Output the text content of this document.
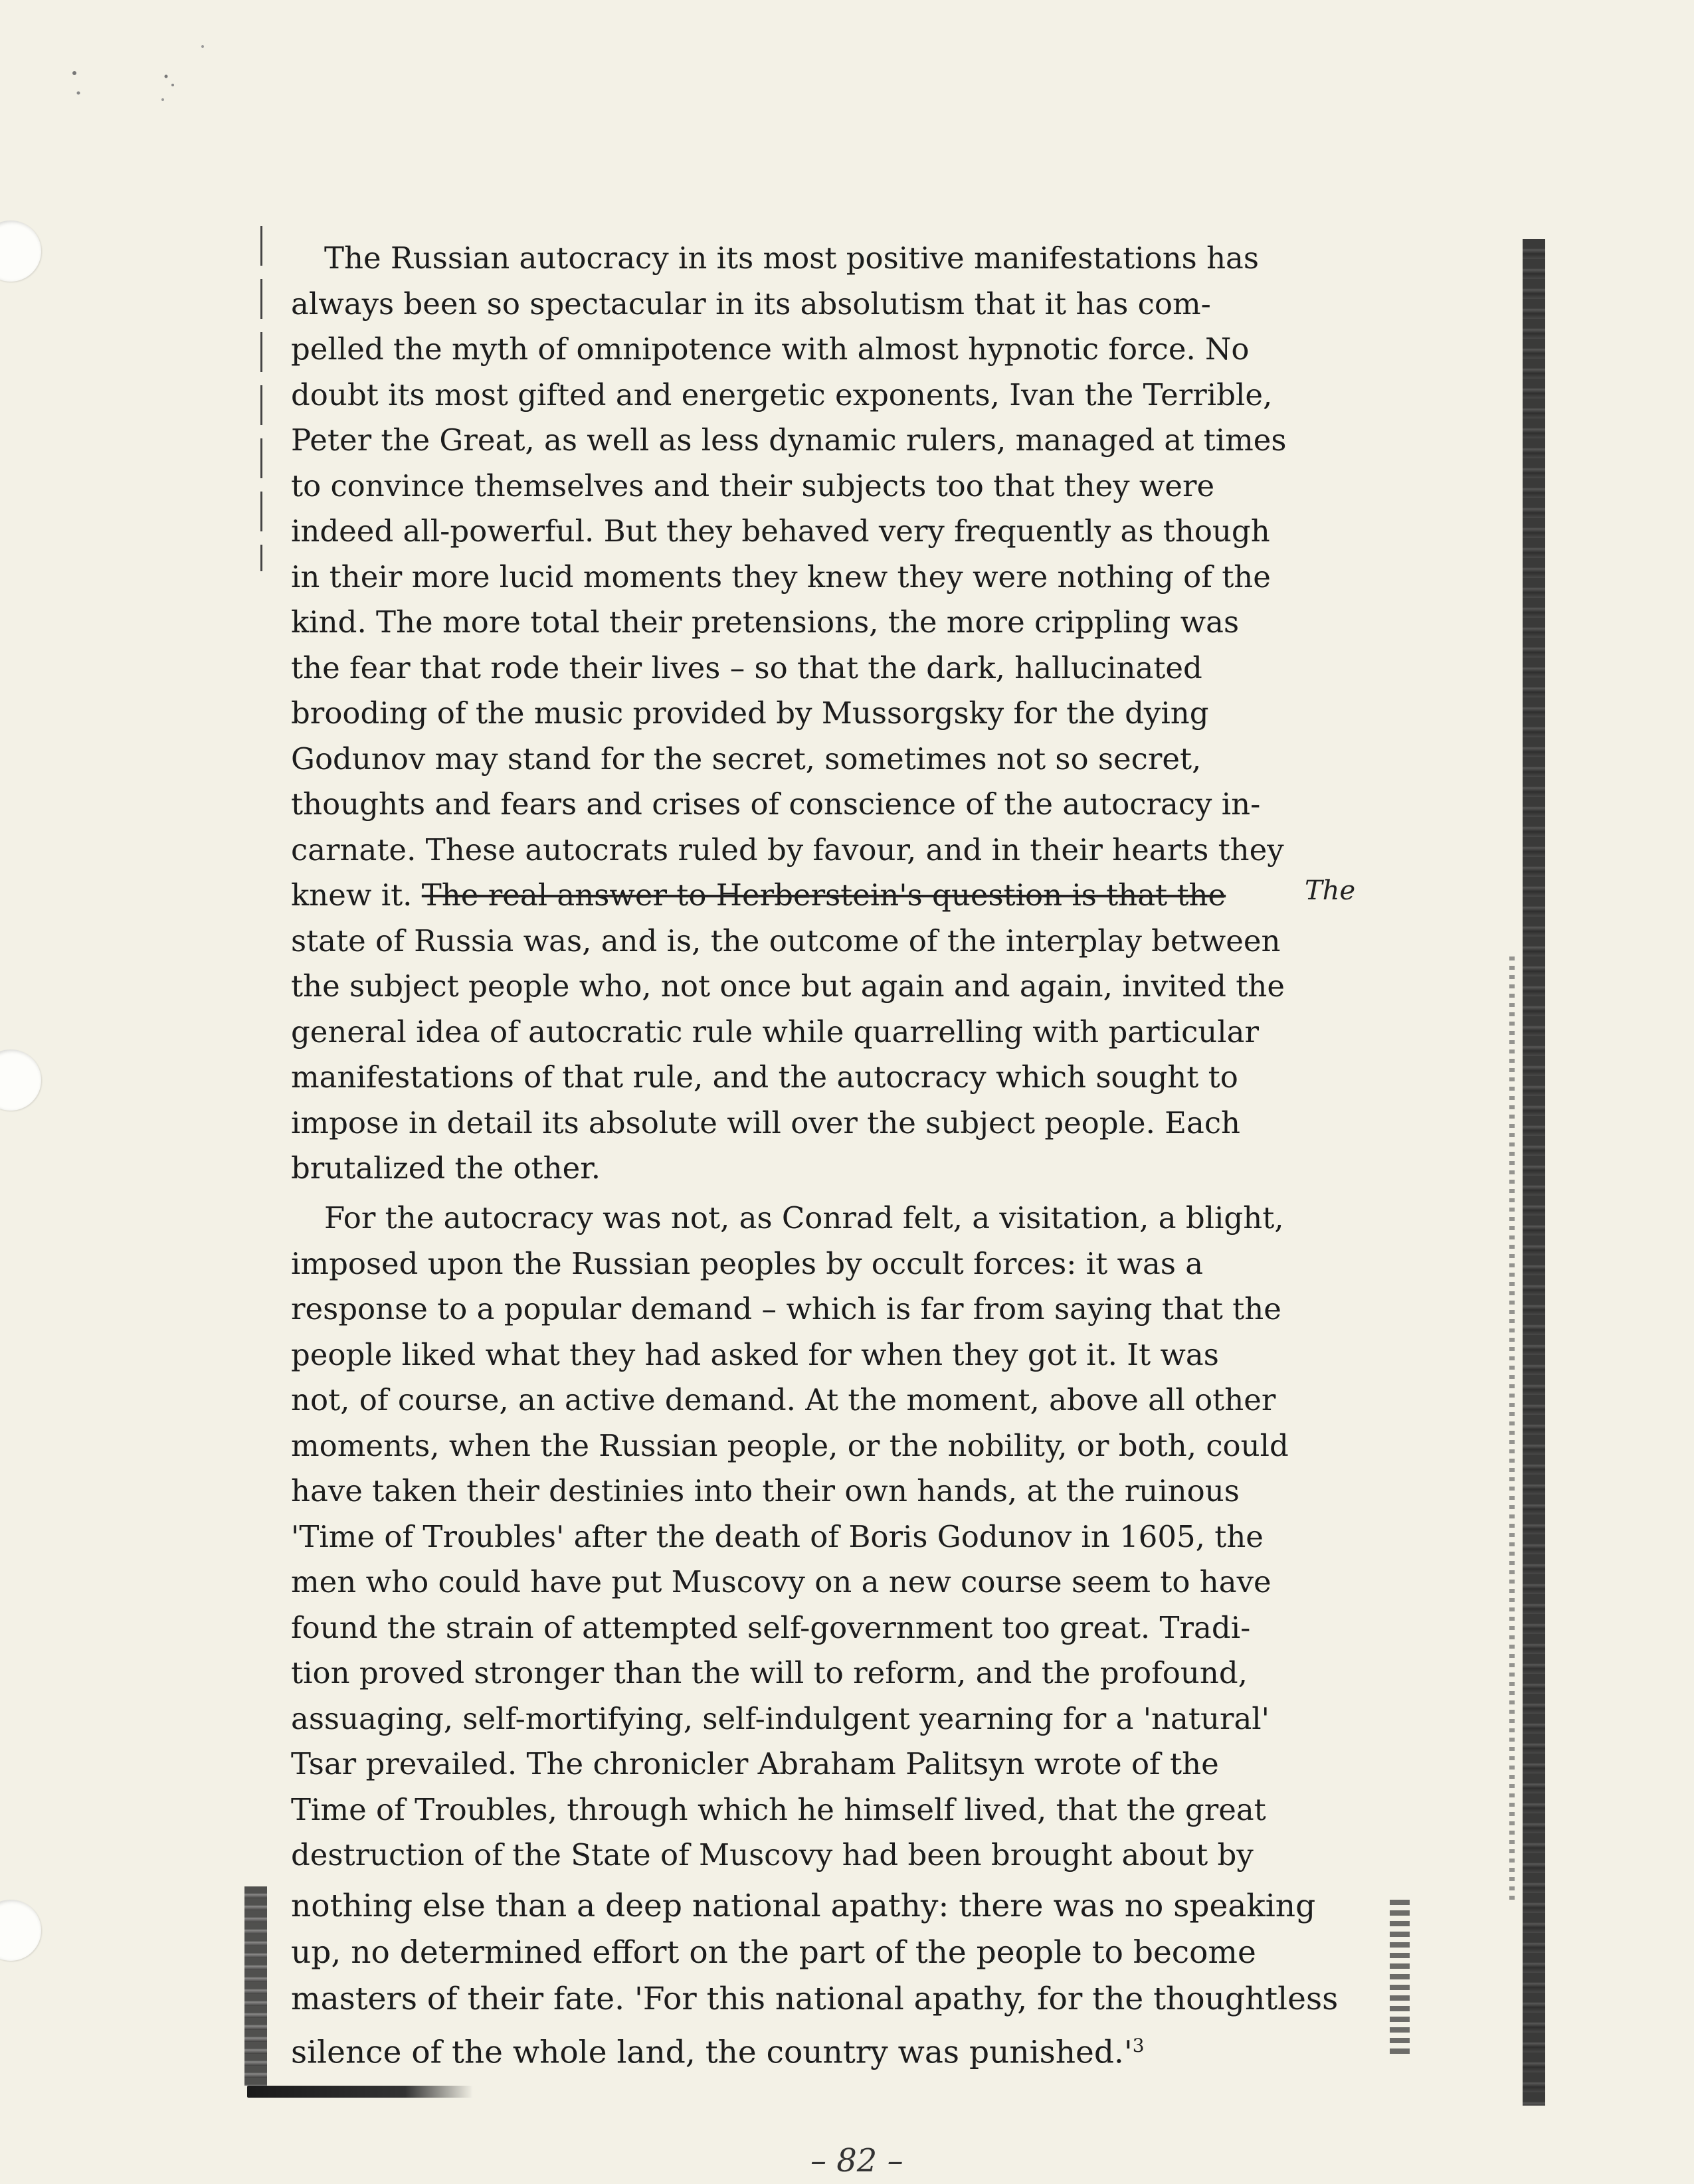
The Russian autocracy in its most positive manifestations has
always been so spectacular in its absolutism that it has com-
pelled the myth of omnipotence with almost hypnotic force. No
doubt its most gifted and energetic exponents, Ivan the Terrible,
Peter the Great, as well as less dynamic rulers, managed at times
to convince themselves and their subjects too that they were
indeed all-powerful. But they behaved very frequently as though
in their more lucid moments they knew they were nothing of the
kind. The more total their pretensions, the more crippling was
the fear that rode their lives – so that the dark, hallucinated
brooding of the music provided by Mussorgsky for the dying
Godunov may stand for the secret, sometimes not so secret,
thoughts and fears and crises of conscience of the autocracy in-
carnate. These autocrats ruled by favour, and in their hearts they
knew it. The real answer to Herberstein's question is that the
state of Russia was, and is, the outcome of the interplay between
the subject people who, not once but again and again, invited the
general idea of autocratic rule while quarrelling with particular
manifestations of that rule, and the autocracy which sought to
impose in detail its absolute will over the subject people. Each
brutalized the other.
The
For the autocracy was not, as Conrad felt, a visitation, a blight,
imposed upon the Russian peoples by occult forces: it was a
response to a popular demand – which is far from saying that the
people liked what they had asked for when they got it. It was
not, of course, an active demand. At the moment, above all other
moments, when the Russian people, or the nobility, or both, could
have taken their destinies into their own hands, at the ruinous
'Time of Troubles' after the death of Boris Godunov in 1605, the
men who could have put Muscovy on a new course seem to have
found the strain of attempted self-government too great. Tradi-
tion proved stronger than the will to reform, and the profound,
assuaging, self-mortifying, self-indulgent yearning for a 'natural'
Tsar prevailed. The chronicler Abraham Palitsyn wrote of the
Time of Troubles, through which he himself lived, that the great
destruction of the State of Muscovy had been brought about by
nothing else than a deep national apathy: there was no speaking
up, no determined effort on the part of the people to become
masters of their fate. 'For this national apathy, for the thoughtless
silence of the whole land, the country was $punished.'^3$
– 82 –
